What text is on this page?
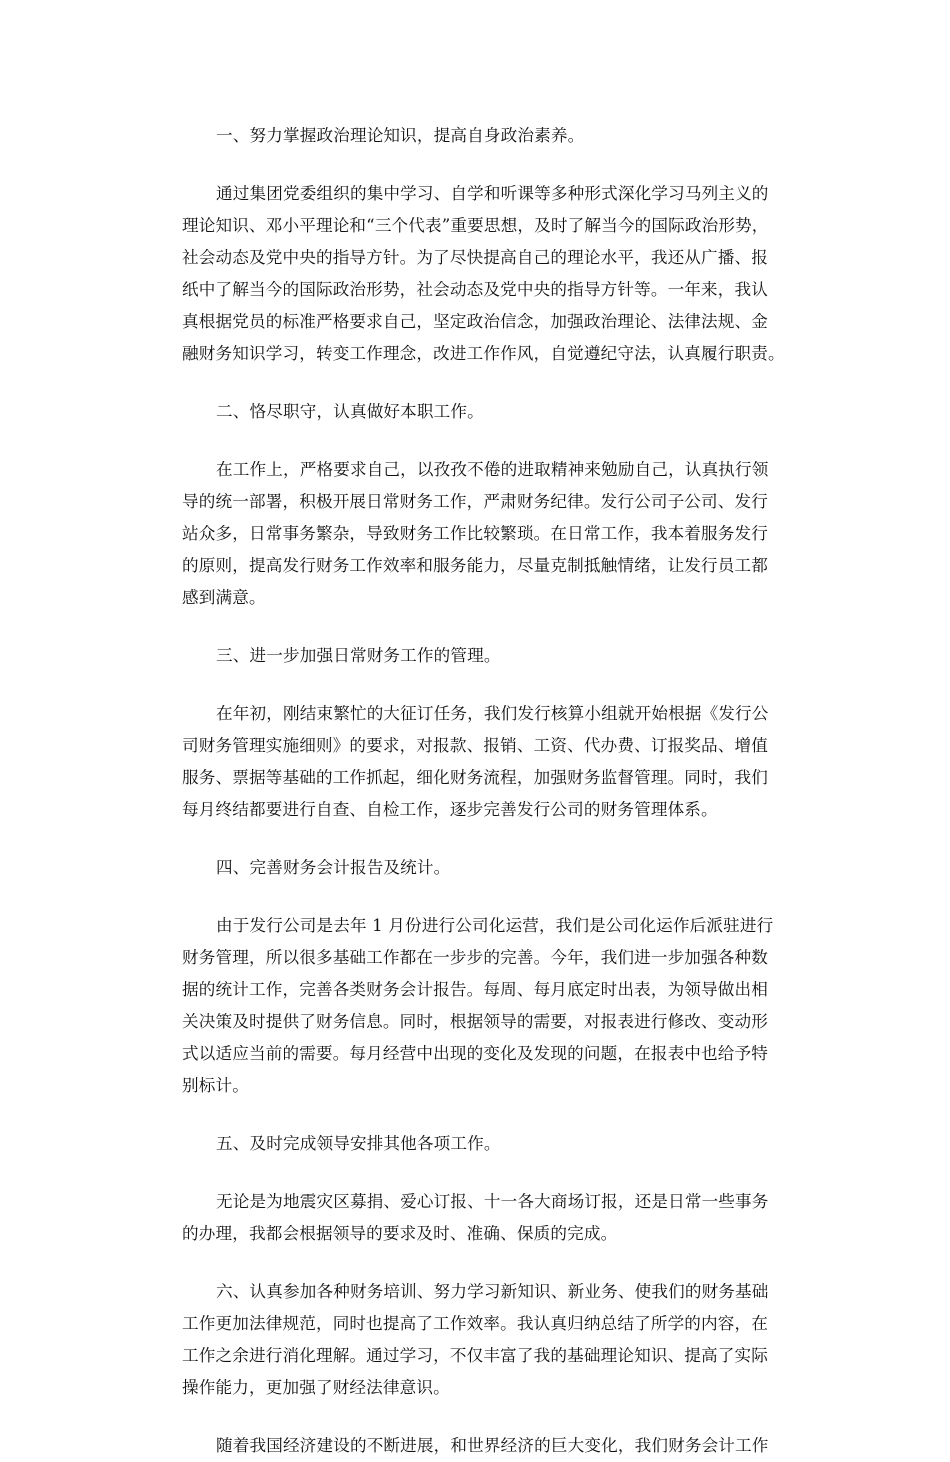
一、努力掌握政治理论知识，提高自身政治素养。
通过集团党委组织的集中学习、自学和听课等多种形式深化学习马列主义的
理论知识、邓小平理论和“三个代表”重要思想，及时了解当今的国际政治形势，
社会动态及党中央的指导方针。为了尽快提高自己的理论水平，我还从广播、报
纸中了解当今的国际政治形势，社会动态及党中央的指导方针等。一年来，我认
真根据党员的标准严格要求自己，坚定政治信念，加强政治理论、法律法规、金
融财务知识学习，转变工作理念，改进工作作风，自觉遵纪守法，认真履行职责。
二、恪尽职守，认真做好本职工作。
在工作上，严格要求自己，以孜孜不倦的进取精神来勉励自己，认真执行领
导的统一部署，积极开展日常财务工作，严肃财务纪律。发行公司子公司、发行
站众多，日常事务繁杂，导致财务工作比较繁琐。在日常工作，我本着服务发行
的原则，提高发行财务工作效率和服务能力，尽量克制抵触情绪，让发行员工都
感到满意。
三、进一步加强日常财务工作的管理。
在年初，刚结束繁忙的大征订任务，我们发行核算小组就开始根据《发行公
司财务管理实施细则》的要求，对报款、报销、工资、代办费、订报奖品、增值
服务、票据等基础的工作抓起，细化财务流程，加强财务监督管理。同时，我们
每月终结都要进行自查、自检工作，逐步完善发行公司的财务管理体系。
四、完善财务会计报告及统计。
由于发行公司是去年 1 月份进行公司化运营，我们是公司化运作后派驻进行
财务管理，所以很多基础工作都在一步步的完善。今年，我们进一步加强各种数
据的统计工作，完善各类财务会计报告。每周、每月底定时出表，为领导做出相
关决策及时提供了财务信息。同时，根据领导的需要，对报表进行修改、变动形
式以适应当前的需要。每月经营中出现的变化及发现的问题，在报表中也给予特
别标计。
五、及时完成领导安排其他各项工作。
无论是为地震灾区募捐、爱心订报、十一各大商场订报，还是日常一些事务
的办理，我都会根据领导的要求及时、准确、保质的完成。
六、认真参加各种财务培训、努力学习新知识、新业务、使我们的财务基础
工作更加法律规范，同时也提高了工作效率。我认真归纳总结了所学的内容，在
工作之余进行消化理解。通过学习，不仅丰富了我的基础理论知识、提高了实际
操作能力，更加强了财经法律意识。
随着我国经济建设的不断进展，和世界经济的巨大变化，我们财务会计工作
